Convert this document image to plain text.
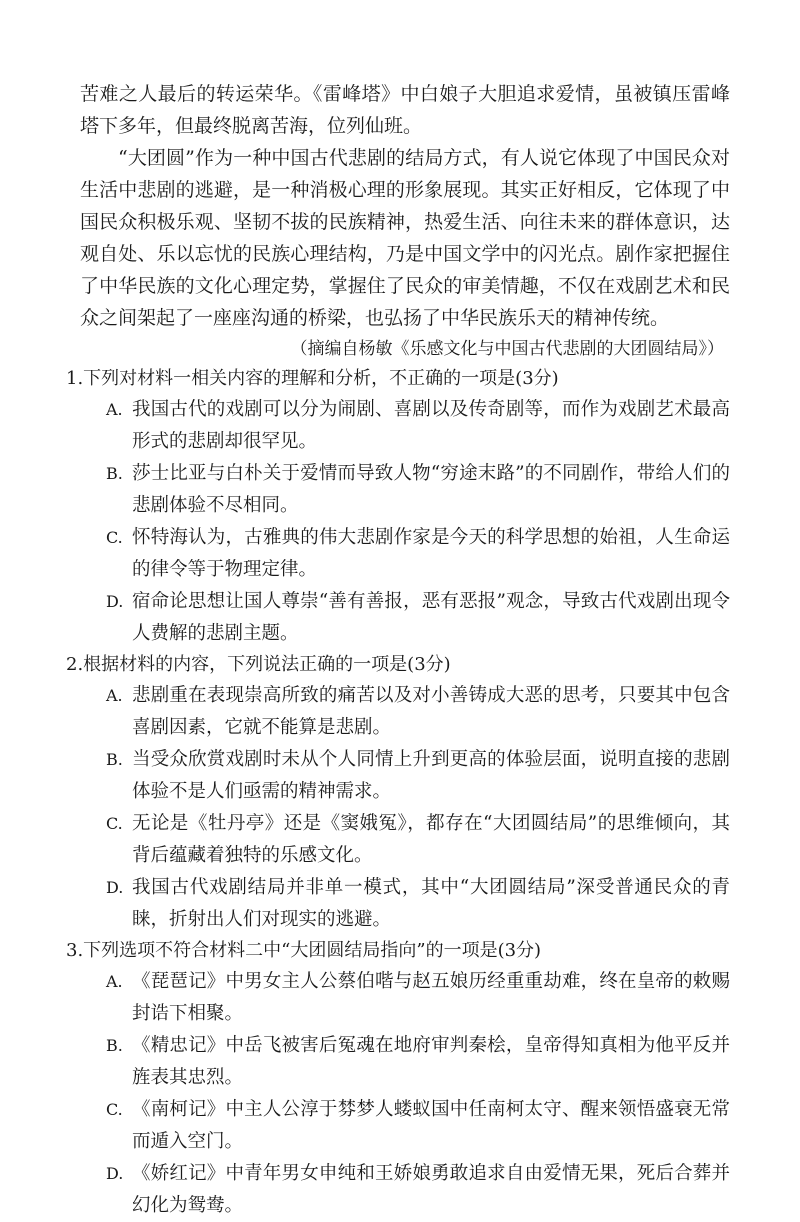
苦难之人最后的转运荣华。《雷峰塔》中白娘子大胆追求爱情，虽被镇压雷峰塔下多年，但最终脱离苦海，位列仙班。

“大团圆”作为一种中国古代悲剧的结局方式，有人说它体现了中国民众对生活中悲剧的逃避，是一种消极心理的形象展现。其实正好相反，它体现了中国民众积极乐观、坚韧不拔的民族精神，热爱生活、向往未来的群体意识，达观自处、乐以忘忧的民族心理结构，乃是中国文学中的闪光点。剧作家把握住了中华民族的文化心理定势，掌握住了民众的审美情趣，不仅在戏剧艺术和民众之间架起了一座座沟通的桥梁，也弘扬了中华民族乐天的精神传统。

（摘编自杨敏《乐感文化与中国古代悲剧的大团圆结局》）

1.下列对材料一相关内容的理解和分析，不正确的一项是(3分)

A. 我国古代的戏剧可以分为闹剧、喜剧以及传奇剧等，而作为戏剧艺术最高形式的悲剧却很罕见。
B. 莎士比亚与白朴关于爱情而导致人物“穷途末路”的不同剧作，带给人们的悲剧体验不尽相同。
C. 怀特海认为，古雅典的伟大悲剧作家是今天的科学思想的始祖，人生命运的律令等于物理定律。
D. 宿命论思想让国人尊崇“善有善报，恶有恶报”观念，导致古代戏剧出现令人费解的悲剧主题。

2.根据材料的内容，下列说法正确的一项是(3分)

A. 悲剧重在表现崇高所致的痛苦以及对小善铸成大恶的思考，只要其中包含喜剧因素，它就不能算是悲剧。
B. 当受众欣赏戏剧时未从个人同情上升到更高的体验层面，说明直接的悲剧体验不是人们亟需的精神需求。
C. 无论是《牡丹亭》还是《窦娥冤》，都存在“大团圆结局”的思维倾向，其背后蕴藏着独特的乐感文化。
D. 我国古代戏剧结局并非单一模式，其中“大团圆结局”深受普通民众的青睐，折射出人们对现实的逃避。

3.下列选项不符合材料二中“大团圆结局指向”的一项是(3分)

A. 《琵琶记》中男女主人公蔡伯喈与赵五娘历经重重劫难，终在皇帝的敕赐封诰下相聚。
B. 《精忠记》中岳飞被害后冤魂在地府审判秦桧，皇帝得知真相为他平反并旌表其忠烈。
C. 《南柯记》中主人公淳于棼梦人蝼蚁国中任南柯太守、醒来领悟盛衰无常而遁入空门。
D. 《娇红记》中青年男女申纯和王娇娘勇敢追求自由爱情无果，死后合葬并幻化为鸳鸯。
